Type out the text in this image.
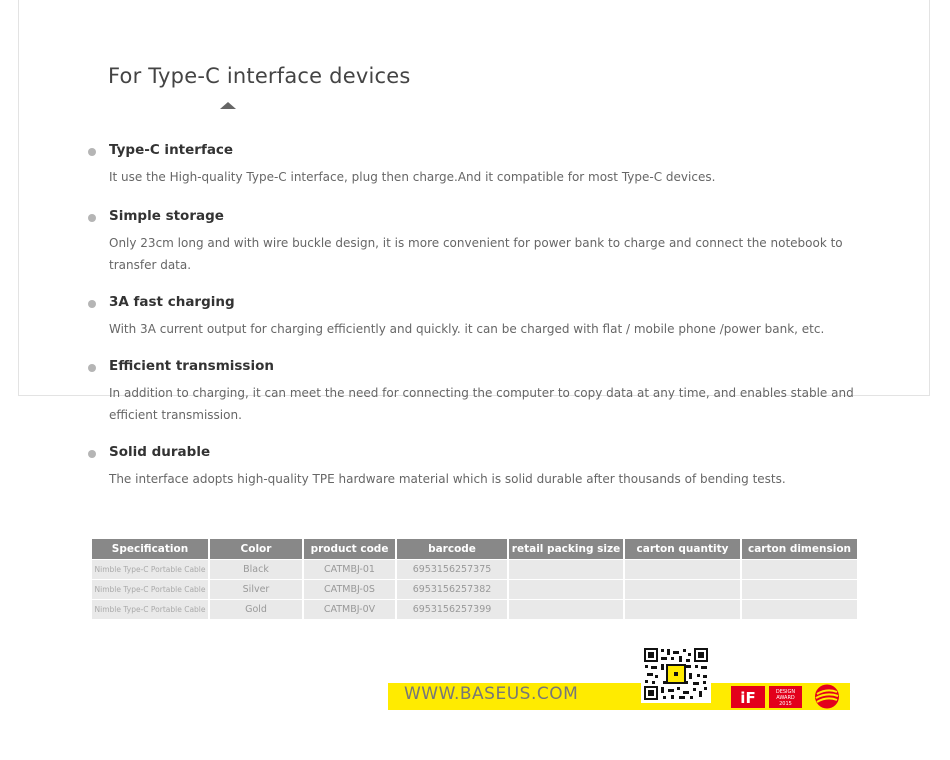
For Type-C interface devices
Type-C interface

It use the High-quality Type-C interface, plug then charge.And it compatible for most Type-C devices.

Simple storage

Only 23cm long and with wire buckle design, it is more convenient for power bank to charge and connect the notebook to transfer data.

3A fast charging

With 3A current output for charging efficiently and quickly. it can be charged with flat / mobile phone /power bank, etc.

Efficient transmission

In addition to charging, it can meet the need for connecting the computer to copy data at any time, and enables stable and efficient transmission.

Solid durable

The interface adopts high-quality TPE hardware material which is solid durable after thousands of bending tests.

Specification	Color	product code	barcode	retail packing size	carton quantity	carton dimension
Nimble Type-C Portable Cable	Black	CATMBJ-01	6953156257375			
Nimble Type-C Portable Cable	Silver	CATMBJ-0S	6953156257382			
Nimble Type-C Portable Cable	Gold	CATMBJ-0V	6953156257399			
WWW.BASEUS.COM	iF	DESIGN
AWARD
2015
